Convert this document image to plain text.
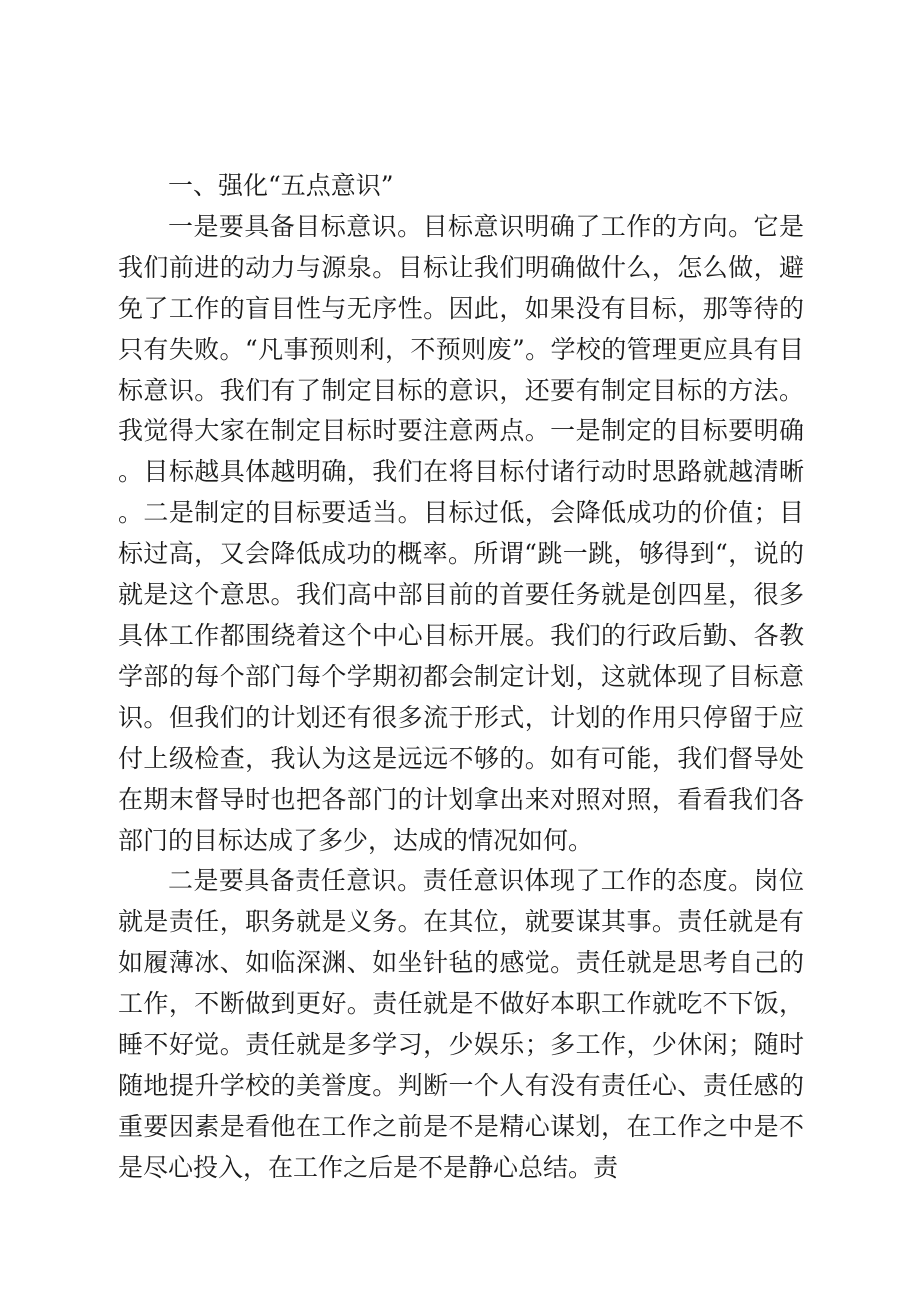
一、强化“五点意识”

一是要具备目标意识。目标意识明确了工作的方向。它是我们前进的动力与源泉。目标让我们明确做什么，怎么做，避免了工作的盲目性与无序性。因此，如果没有目标，那等待的只有失败。“凡事预则利，不预则废”。学校的管理更应具有目标意识。我们有了制定目标的意识，还要有制定目标的方法。我觉得大家在制定目标时要注意两点。一是制定的目标要明确。目标越具体越明确，我们在将目标付诸行动时思路就越清晰。二是制定的目标要适当。目标过低，会降低成功的价值；目标过高，又会降低成功的概率。所谓“跳一跳，够得到“，说的就是这个意思。我们高中部目前的首要任务就是创四星，很多具体工作都围绕着这个中心目标开展。我们的行政后勤、各教学部的每个部门每个学期初都会制定计划，这就体现了目标意识。但我们的计划还有很多流于形式，计划的作用只停留于应付上级检查，我认为这是远远不够的。如有可能，我们督导处在期末督导时也把各部门的计划拿出来对照对照，看看我们各部门的目标达成了多少，达成的情况如何。

二是要具备责任意识。责任意识体现了工作的态度。岗位就是责任，职务就是义务。在其位，就要谋其事。责任就是有如履薄冰、如临深渊、如坐针毡的感觉。责任就是思考自己的工作，不断做到更好。责任就是不做好本职工作就吃不下饭，睡不好觉。责任就是多学习，少娱乐；多工作，少休闲；随时随地提升学校的美誉度。判断一个人有没有责任心、责任感的重要因素是看他在工作之前是不是精心谋划，在工作之中是不是尽心投入，在工作之后是不是静心总结。责
